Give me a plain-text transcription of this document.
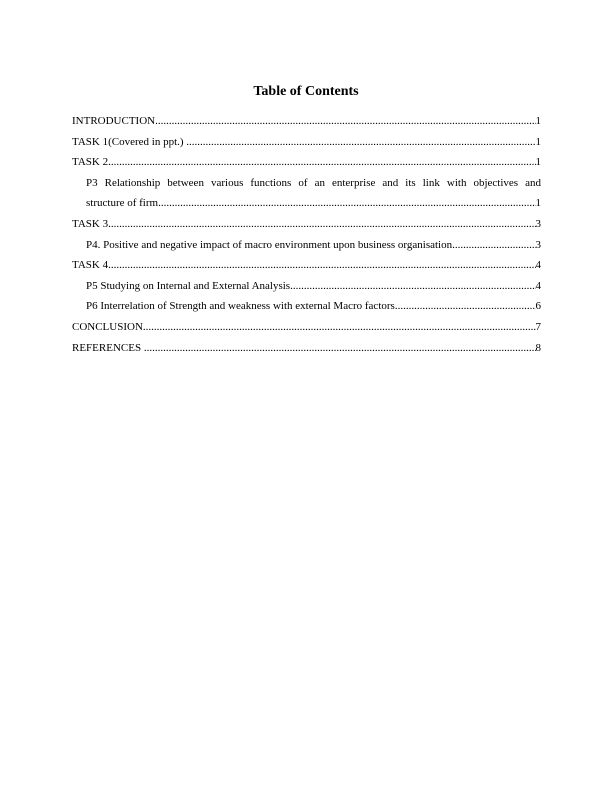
Table of Contents
INTRODUCTION .....	1
TASK 1(Covered in ppt.) .....	1
TASK 2 .....	1
P3 Relationship between various functions of an enterprise and its link with objectives and
structure of firm .....	1
TASK 3 .....	3
P4. Positive and negative impact of macro environment upon business organisation .....	3
TASK 4 .....	4
P5 Studying on Internal and External Analysis .....	4
P6 Interrelation of Strength and weakness with external Macro factors .....	6
CONCLUSION .....	7
REFERENCES .....	8
